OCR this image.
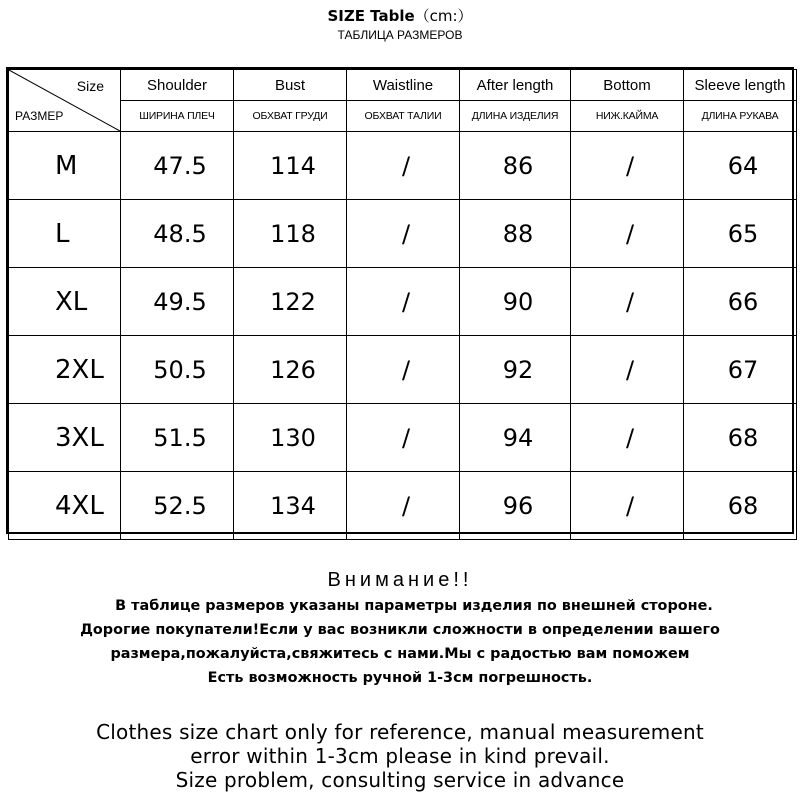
SIZE Table（cm:）
ТАБЛИЦА РАЗМЕРОВ
Size
РАЗМЕР	Shoulder	Bust	Waistline	After length	Bottom	Sleeve length
	ШИРИНА ПЛЕЧ	ОБХВАТ ГРУДИ	ОБХВАТ ТАЛИИ	ДЛИНА ИЗДЕЛИЯ	НИЖ.КАЙМА	ДЛИНА РУКАВА
M	47.5	114	/	86	/	64
L	48.5	118	/	88	/	65
XL	49.5	122	/	90	/	66
2XL	50.5	126	/	92	/	67
3XL	51.5	130	/	94	/	68
4XL	52.5	134	/	96	/	68
Внимание!!
В таблице размеров указаны параметры изделия по внешней стороне.
Дорогие покупатели!Если у вас возникли сложности в определении вашего
размера,пожалуйста,свяжитесь с нами.Мы с радостью вам поможем
Есть возможность ручной 1-3см погрешность.
Clothes size chart only for reference, manual measurement
error within 1-3cm please in kind prevail.
Size problem, consulting service in advance
